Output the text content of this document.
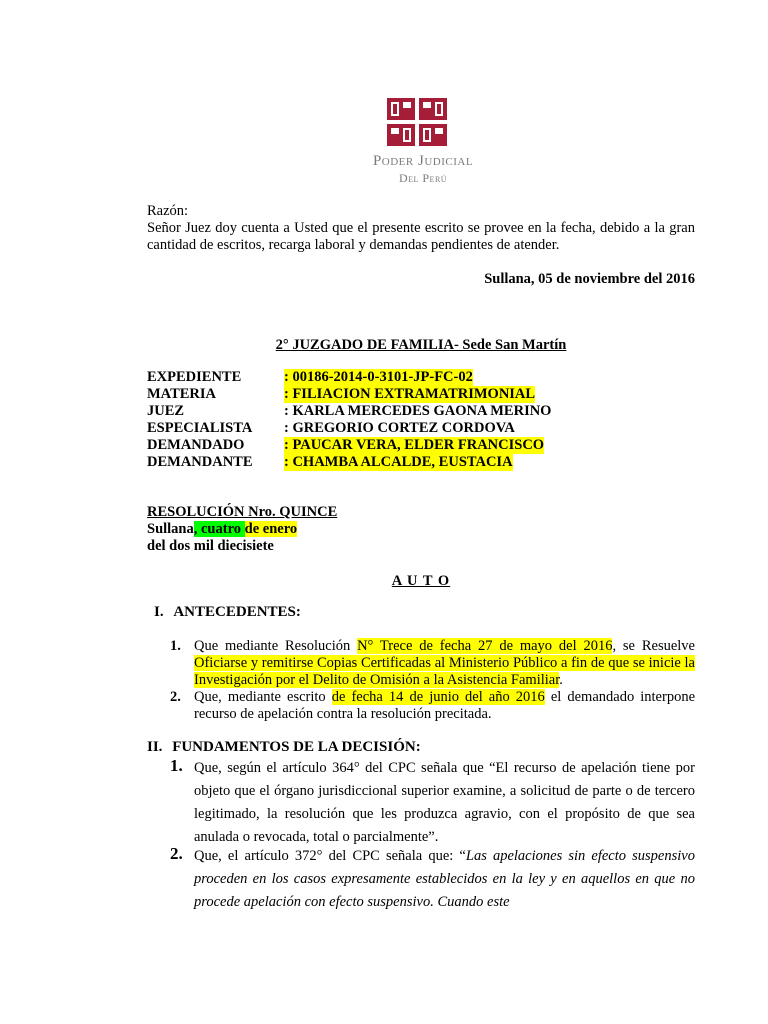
Poder Judicial
Del Perú
Razón:
Señor Juez doy cuenta a Usted que el presente escrito se provee en la fecha, debido a la gran cantidad de escritos, recarga laboral y demandas pendientes de atender.
Sullana, 05 de noviembre del 2016
2° JUZGADO DE FAMILIA- Sede San Martín
EXPEDIENTE	: 00186-2014-0-3101-JP-FC-02
MATERIA	: FILIACION EXTRAMATRIMONIAL
JUEZ	: KARLA MERCEDES GAONA MERINO
ESPECIALISTA	: GREGORIO CORTEZ CORDOVA
DEMANDADO	: PAUCAR VERA, ELDER FRANCISCO
DEMANDANTE	: CHAMBA ALCALDE, EUSTACIA
RESOLUCIÓN Nro. QUINCE
Sullana, cuatro de enero
del dos mil diecisiete
A U T O
I. ANTECEDENTES:
1. Que mediante Resolución N° Trece de fecha 27 de mayo del 2016, se Resuelve Oficiarse y remitirse Copias Certificadas al Ministerio Público a fin de que se inicie la Investigación por el Delito de Omisión a la Asistencia Familiar.
2. Que, mediante escrito de fecha 14 de junio del año 2016 el demandado interpone recurso de apelación contra la resolución precitada.
II. FUNDAMENTOS DE LA DECISIÓN:
1. Que, según el artículo 364° del CPC señala que “El recurso de apelación tiene por objeto que el órgano jurisdiccional superior examine, a solicitud de parte o de tercero legitimado, la resolución que les produzca agravio, con el propósito de que sea anulada o revocada, total o parcialmente”.
2. Que, el artículo 372° del CPC señala que: “Las apelaciones sin efecto suspensivo proceden en los casos expresamente establecidos en la ley y en aquellos en que no procede apelación con efecto suspensivo. Cuando este
